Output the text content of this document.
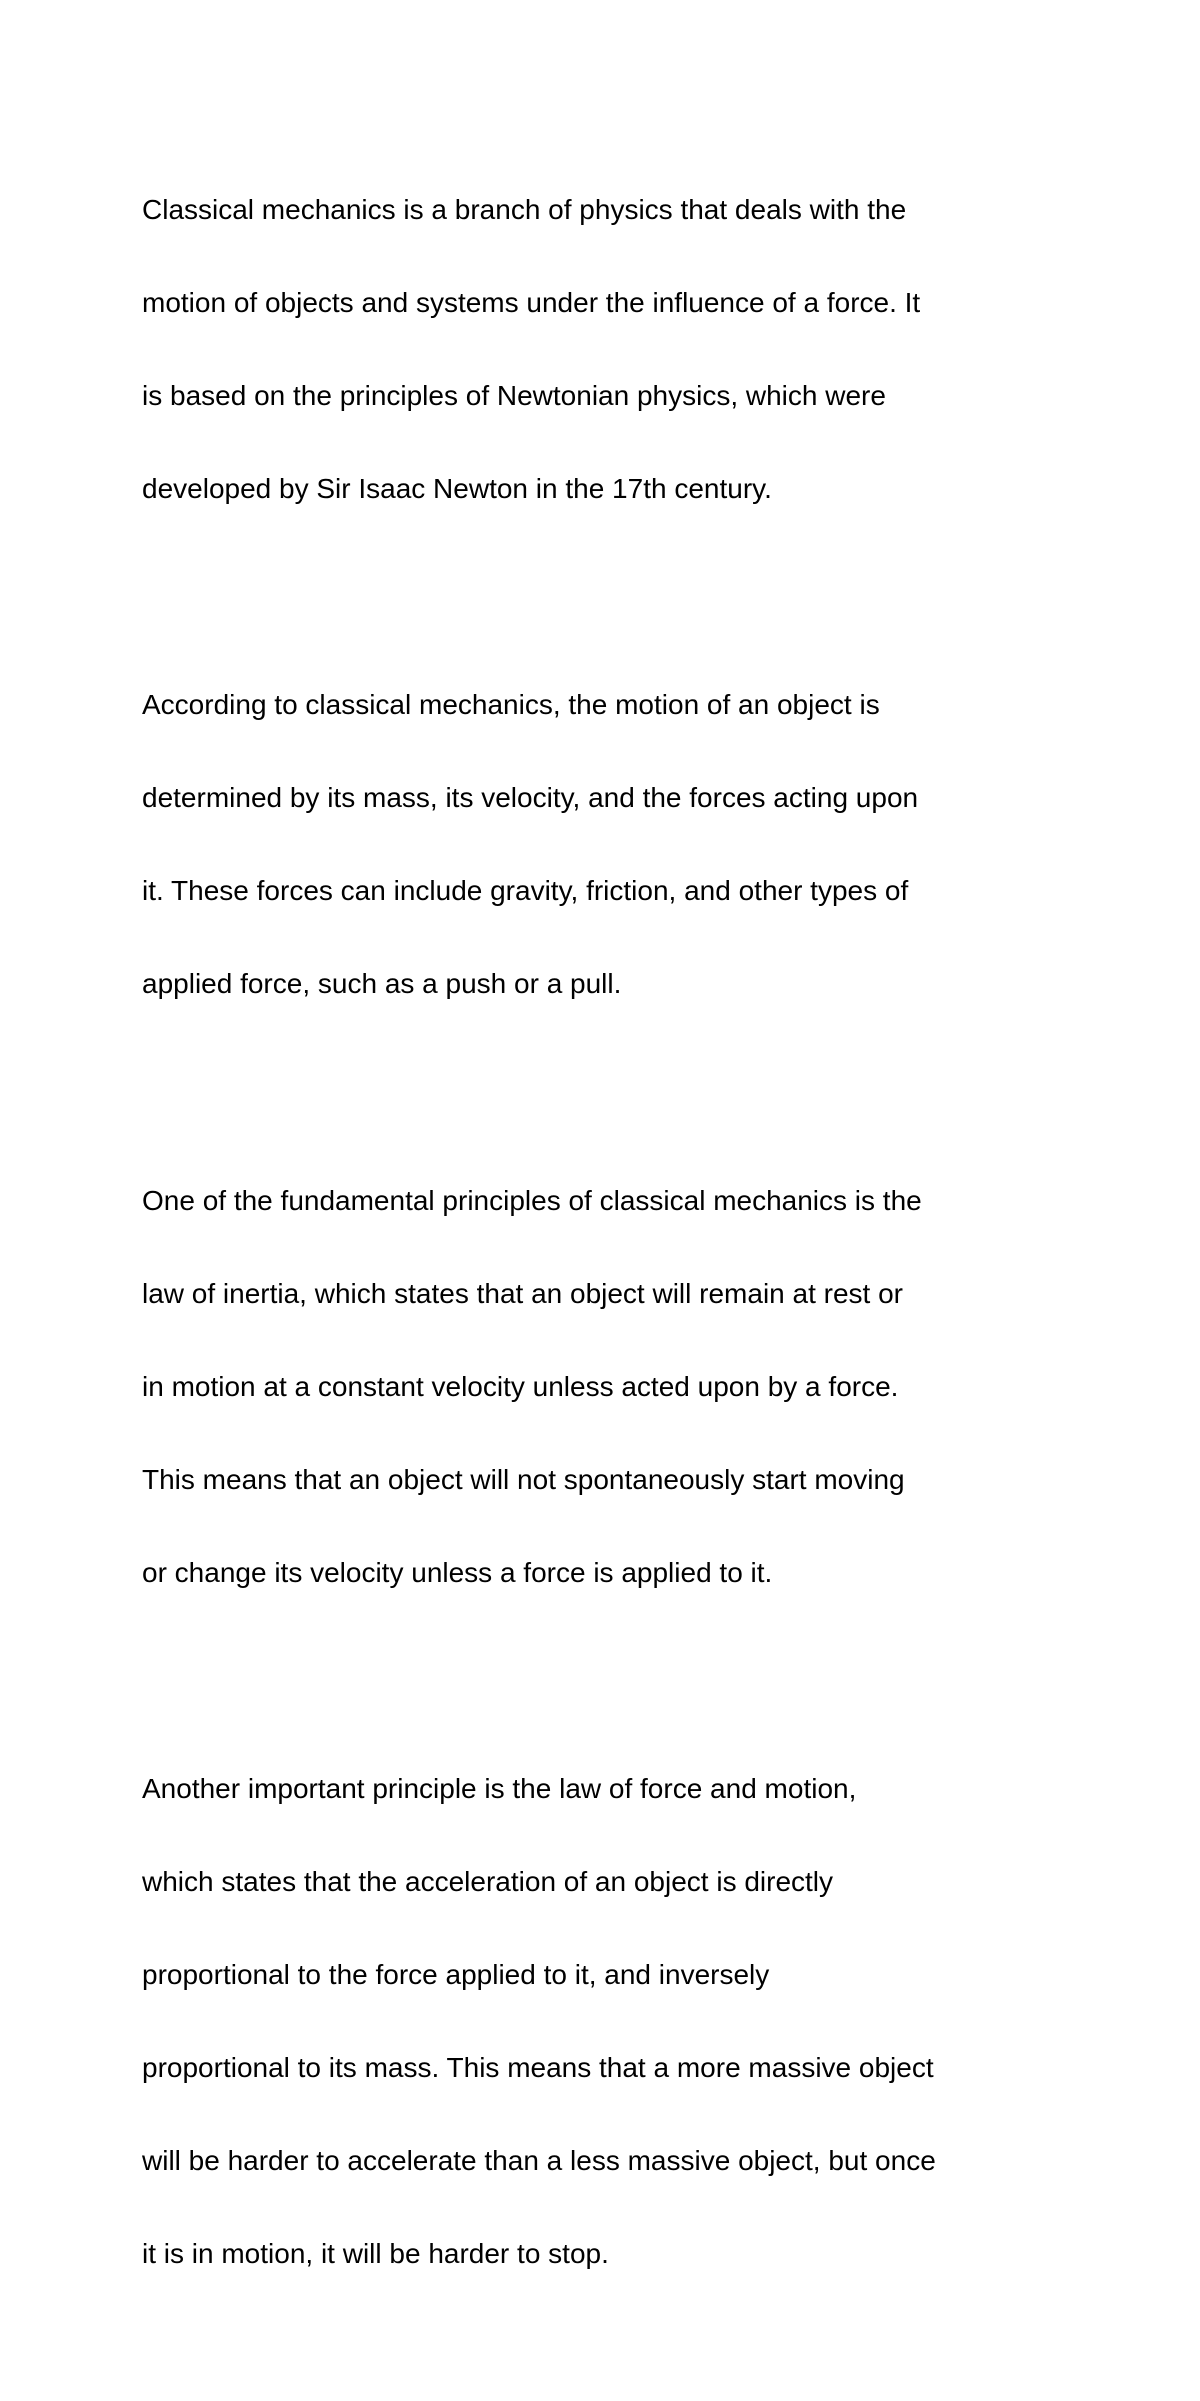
Classical mechanics is a branch of physics that deals with the

motion of objects and systems under the influence of a force. It

is based on the principles of Newtonian physics, which were

developed by Sir Isaac Newton in the 17th century.

According to classical mechanics, the motion of an object is

determined by its mass, its velocity, and the forces acting upon

it. These forces can include gravity, friction, and other types of

applied force, such as a push or a pull.

One of the fundamental principles of classical mechanics is the

law of inertia, which states that an object will remain at rest or

in motion at a constant velocity unless acted upon by a force.

This means that an object will not spontaneously start moving

or change its velocity unless a force is applied to it.

Another important principle is the law of force and motion,

which states that the acceleration of an object is directly

proportional to the force applied to it, and inversely

proportional to its mass. This means that a more massive object

will be harder to accelerate than a less massive object, but once

it is in motion, it will be harder to stop.
